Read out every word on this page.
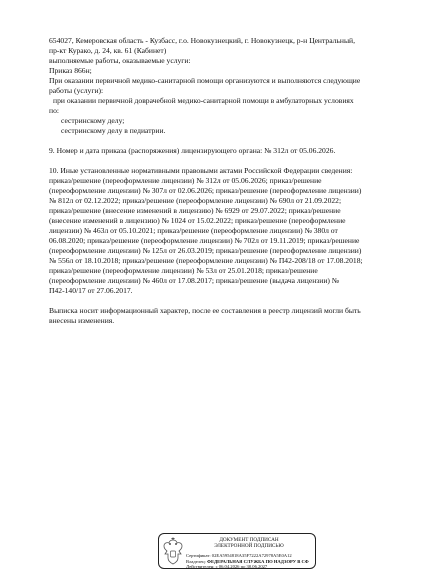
654027, Кемеровская область - Кузбасс, г.о. Новокузнецкий, г. Новокузнецк, р-н Центральный,

пр-кт Курако, д. 24, кв. 61 (Кабинет)

выполняемые работы, оказываемые услуги:

Приказ 866н;

При оказании первичной медико-санитарной помощи организуются и выполняются следующие

работы (услуги):

при оказании первичной доврачебной медико-санитарной помощи в амбулаторных условиях

по:

сестринскому делу;

сестринскому делу в педиатрии.

9. Номер и дата приказа (распоряжения) лицензирующего органа: № 312л от 05.06.2026.

10. Иные установленные нормативными правовыми актами Российской Федерации сведения:

приказ/решение (переоформление лицензии) № 312л от 05.06.2026; приказ/решение

(переоформление лицензии) № 307л от 02.06.2026; приказ/решение (переоформление лицензии)

№ 812л от 02.12.2022; приказ/решение (переоформление лицензии) № 690л от 21.09.2022;

приказ/решение (внесение изменений в лицензию) № 6929 от 29.07.2022; приказ/решение

(внесение изменений в лицензию) № 1024 от 15.02.2022; приказ/решение (переоформление

лицензии) № 463л от 05.10.2021; приказ/решение (переоформление лицензии) № 380л от

06.08.2020; приказ/решение (переоформление лицензии) № 702л от 19.11.2019; приказ/решение

(переоформление лицензии) № 125л от 26.03.2019; приказ/решение (переоформление лицензии)

№ 556л от 18.10.2018; приказ/решение (переоформление лицензии) № П42-208/18 от 17.08.2018;

приказ/решение (переоформление лицензии) № 53л от 25.01.2018; приказ/решение

(переоформление лицензии) № 460л от 17.08.2017; приказ/решение (выдача лицензии) №

П42-140/17 от 27.06.2017.

Выписка носит информационный характер, после ее составления в реестр лицензий могли быть

внесены изменения.

ДОКУМЕНТ ПОДПИСАН
ЭЛЕКТРОННОЙ ПОДПИСЬЮ
Сертификат: 02EA5954818A35F7222A72978A5E0A12
Владелец: ФЕДЕРАЛЬНАЯ СЛУЖБА ПО НАДЗОРУ В СФ
Действителен: с 06.04.2026 по 30.06.2027
